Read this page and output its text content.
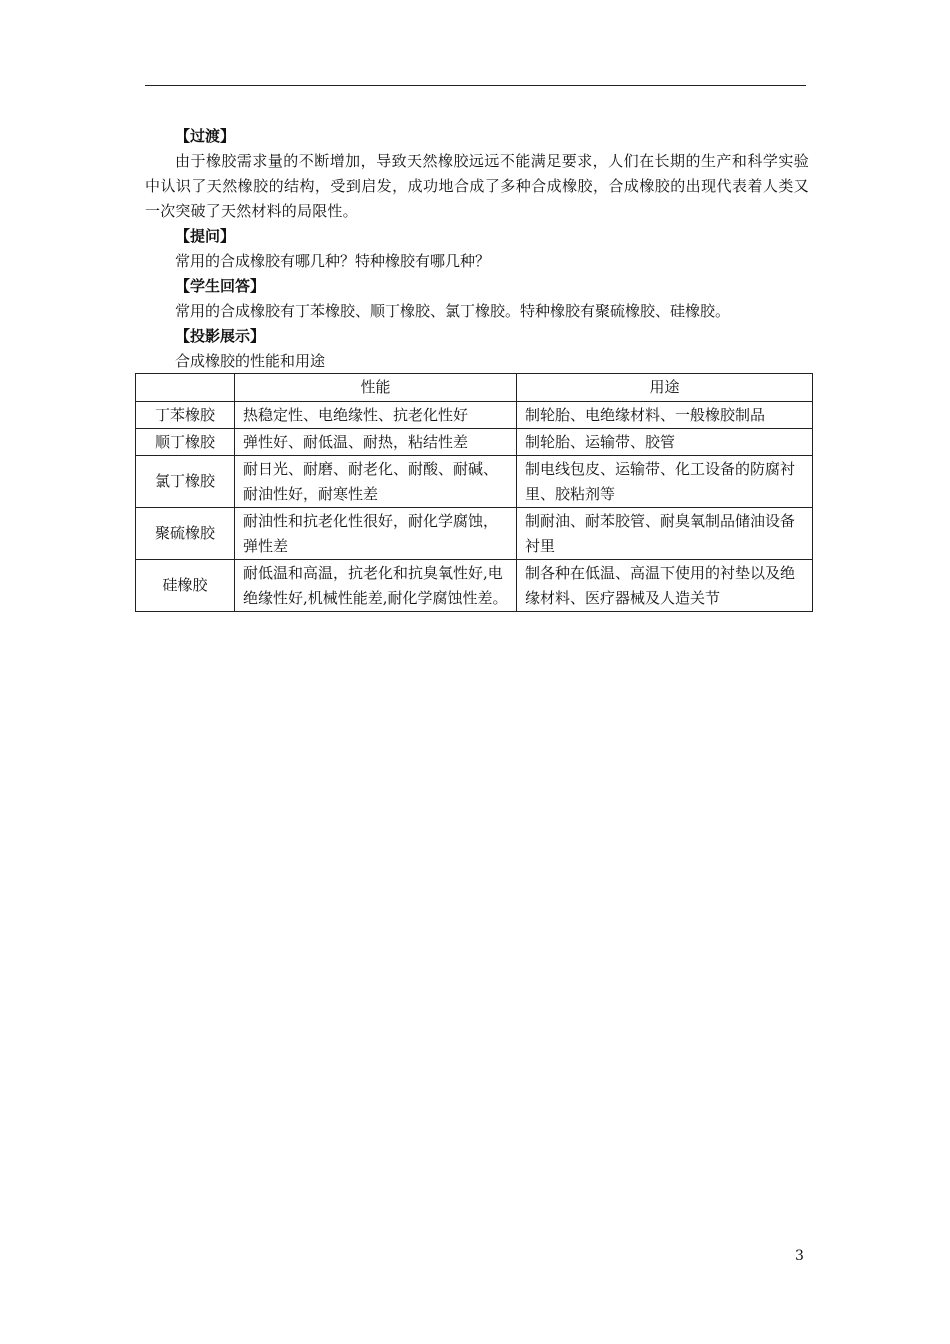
【过渡】
由于橡胶需求量的不断增加，导致天然橡胶远远不能满足要求，人们在长期的生产和科学实验中认识了天然橡胶的结构，受到启发，成功地合成了多种合成橡胶，合成橡胶的出现代表着人类又一次突破了天然材料的局限性。
【提问】
常用的合成橡胶有哪几种？特种橡胶有哪几种？
【学生回答】
常用的合成橡胶有丁苯橡胶、顺丁橡胶、氯丁橡胶。特种橡胶有聚硫橡胶、硅橡胶。
【投影展示】
合成橡胶的性能和用途
	性能	用途
丁苯橡胶	热稳定性、电绝缘性、抗老化性好	制轮胎、电绝缘材料、一般橡胶制品
顺丁橡胶	弹性好、耐低温、耐热，粘结性差	制轮胎、运输带、胶管
氯丁橡胶	耐日光、耐磨、耐老化、耐酸、耐碱、耐油性好，耐寒性差	制电线包皮、运输带、化工设备的防腐衬里、胶粘剂等
聚硫橡胶	耐油性和抗老化性很好，耐化学腐蚀，弹性差	制耐油、耐苯胶管、耐臭氧制品储油设备衬里
硅橡胶	耐低温和高温，抗老化和抗臭氧性好,电绝缘性好,机械性能差,耐化学腐蚀性差。	制各种在低温、高温下使用的衬垫以及绝缘材料、医疗器械及人造关节
3
